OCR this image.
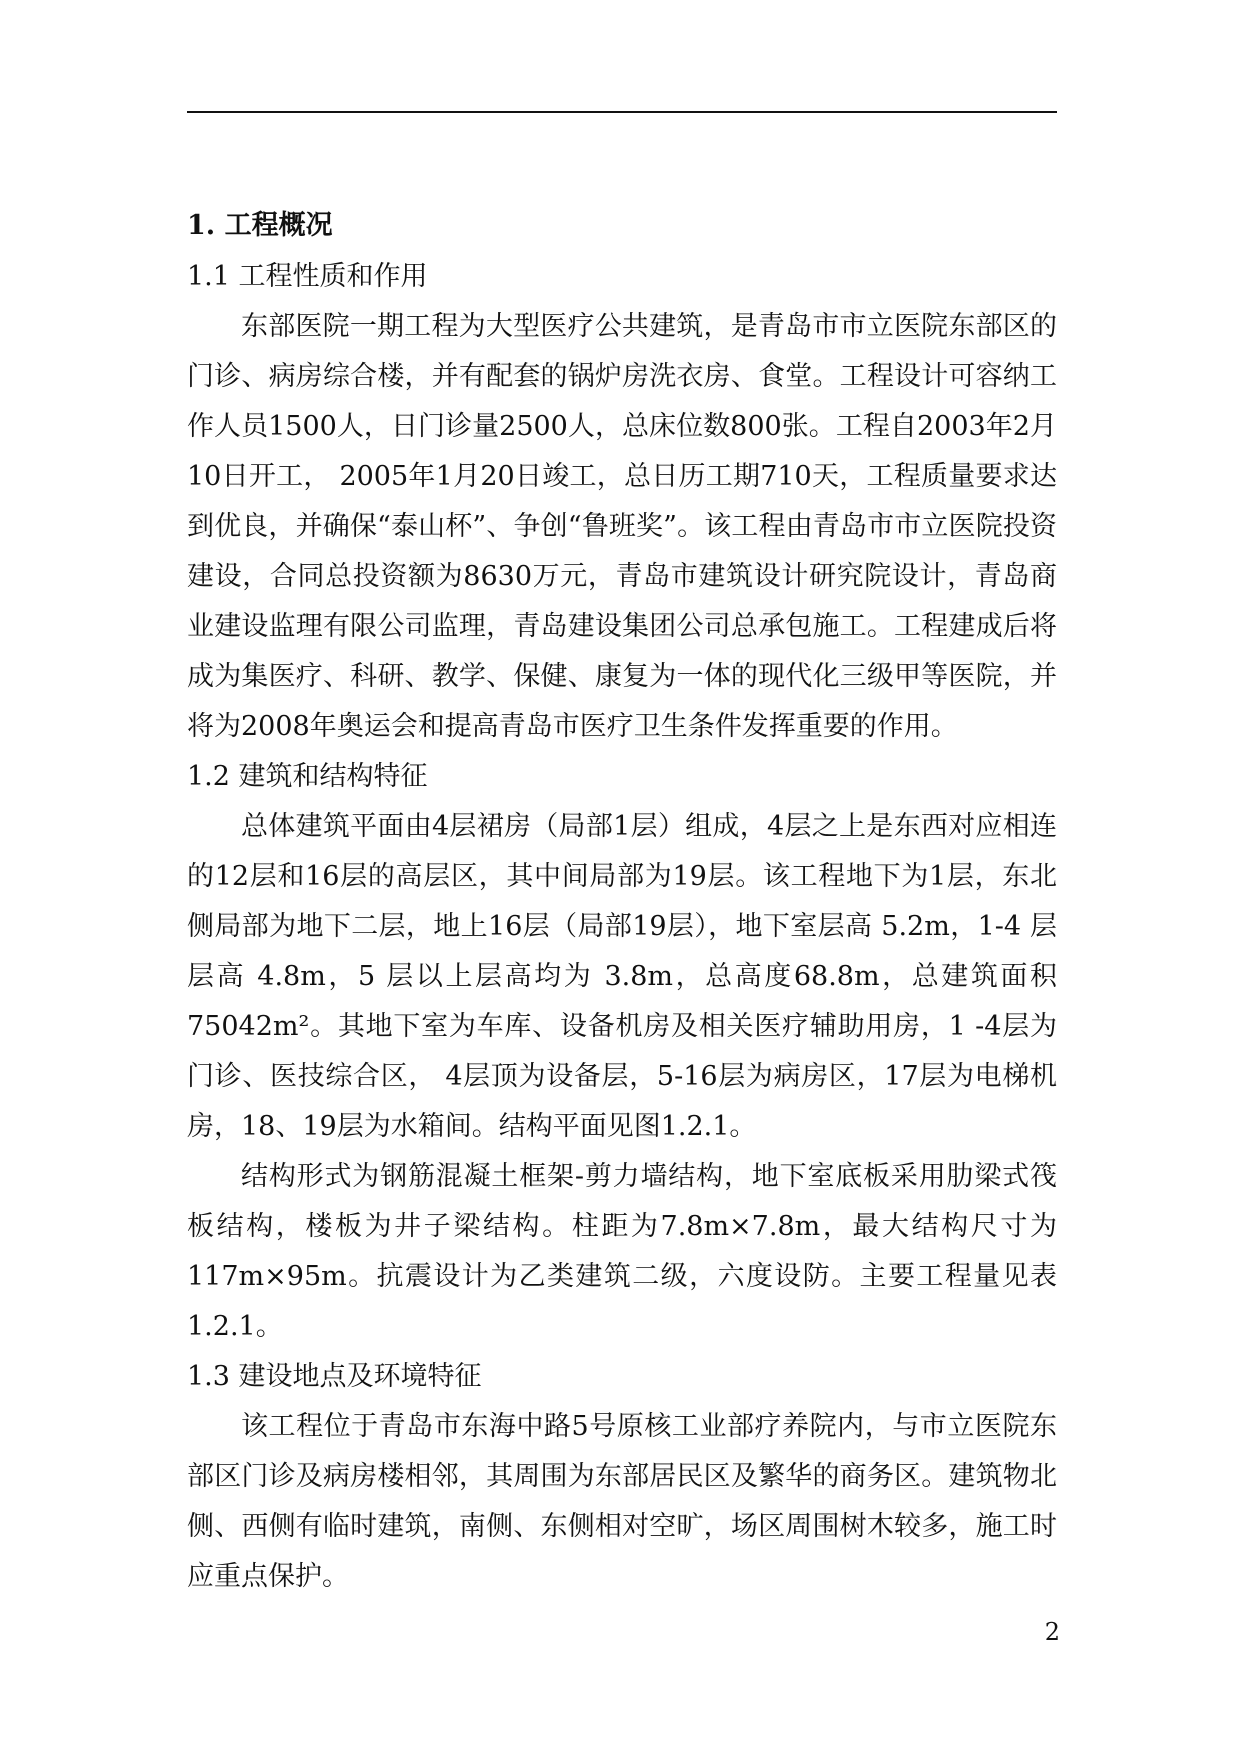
1. 工程概况

1.1 工程性质和作用

东部医院一期工程为大型医疗公共建筑，是青岛市市立医院东部区的门诊、病房综合楼，并有配套的锅炉房洗衣房、食堂。工程设计可容纳工作人员1500人，日门诊量2500人，总床位数800张。工程自2003年2月10日开工， 2005年1月20日竣工，总日历工期710天，工程质量要求达到优良，并确保“泰山杯”、争创“鲁班奖”。该工程由青岛市市立医院投资建设，合同总投资额为8630万元，青岛市建筑设计研究院设计，青岛商业建设监理有限公司监理，青岛建设集团公司总承包施工。工程建成后将成为集医疗、科研、教学、保健、康复为一体的现代化三级甲等医院，并将为2008年奥运会和提高青岛市医疗卫生条件发挥重要的作用。

1.2 建筑和结构特征

总体建筑平面由4层裙房（局部1层）组成，4层之上是东西对应相连的12层和16层的高层区，其中间局部为19层。该工程地下为1层，东北侧局部为地下二层，地上16层（局部19层），地下室层高 5.2m，1-4 层层高 4.8m，5 层以上层高均为 3.8m，总高度68.8m，总建筑面积75042m²。其地下室为车库、设备机房及相关医疗辅助用房，1 -4层为门诊、医技综合区， 4层顶为设备层，5-16层为病房区，17层为电梯机房，18、19层为水箱间。结构平面见图1.2.1。

结构形式为钢筋混凝土框架-剪力墙结构，地下室底板采用肋梁式筏板结构，楼板为井子梁结构。柱距为7.8m×7.8m，最大结构尺寸为117m×95m。抗震设计为乙类建筑二级，六度设防。主要工程量见表1.2.1。

1.3 建设地点及环境特征

该工程位于青岛市东海中路5号原核工业部疗养院内，与市立医院东部区门诊及病房楼相邻，其周围为东部居民区及繁华的商务区。建筑物北侧、西侧有临时建筑，南侧、东侧相对空旷，场区周围树木较多，施工时应重点保护。

2
